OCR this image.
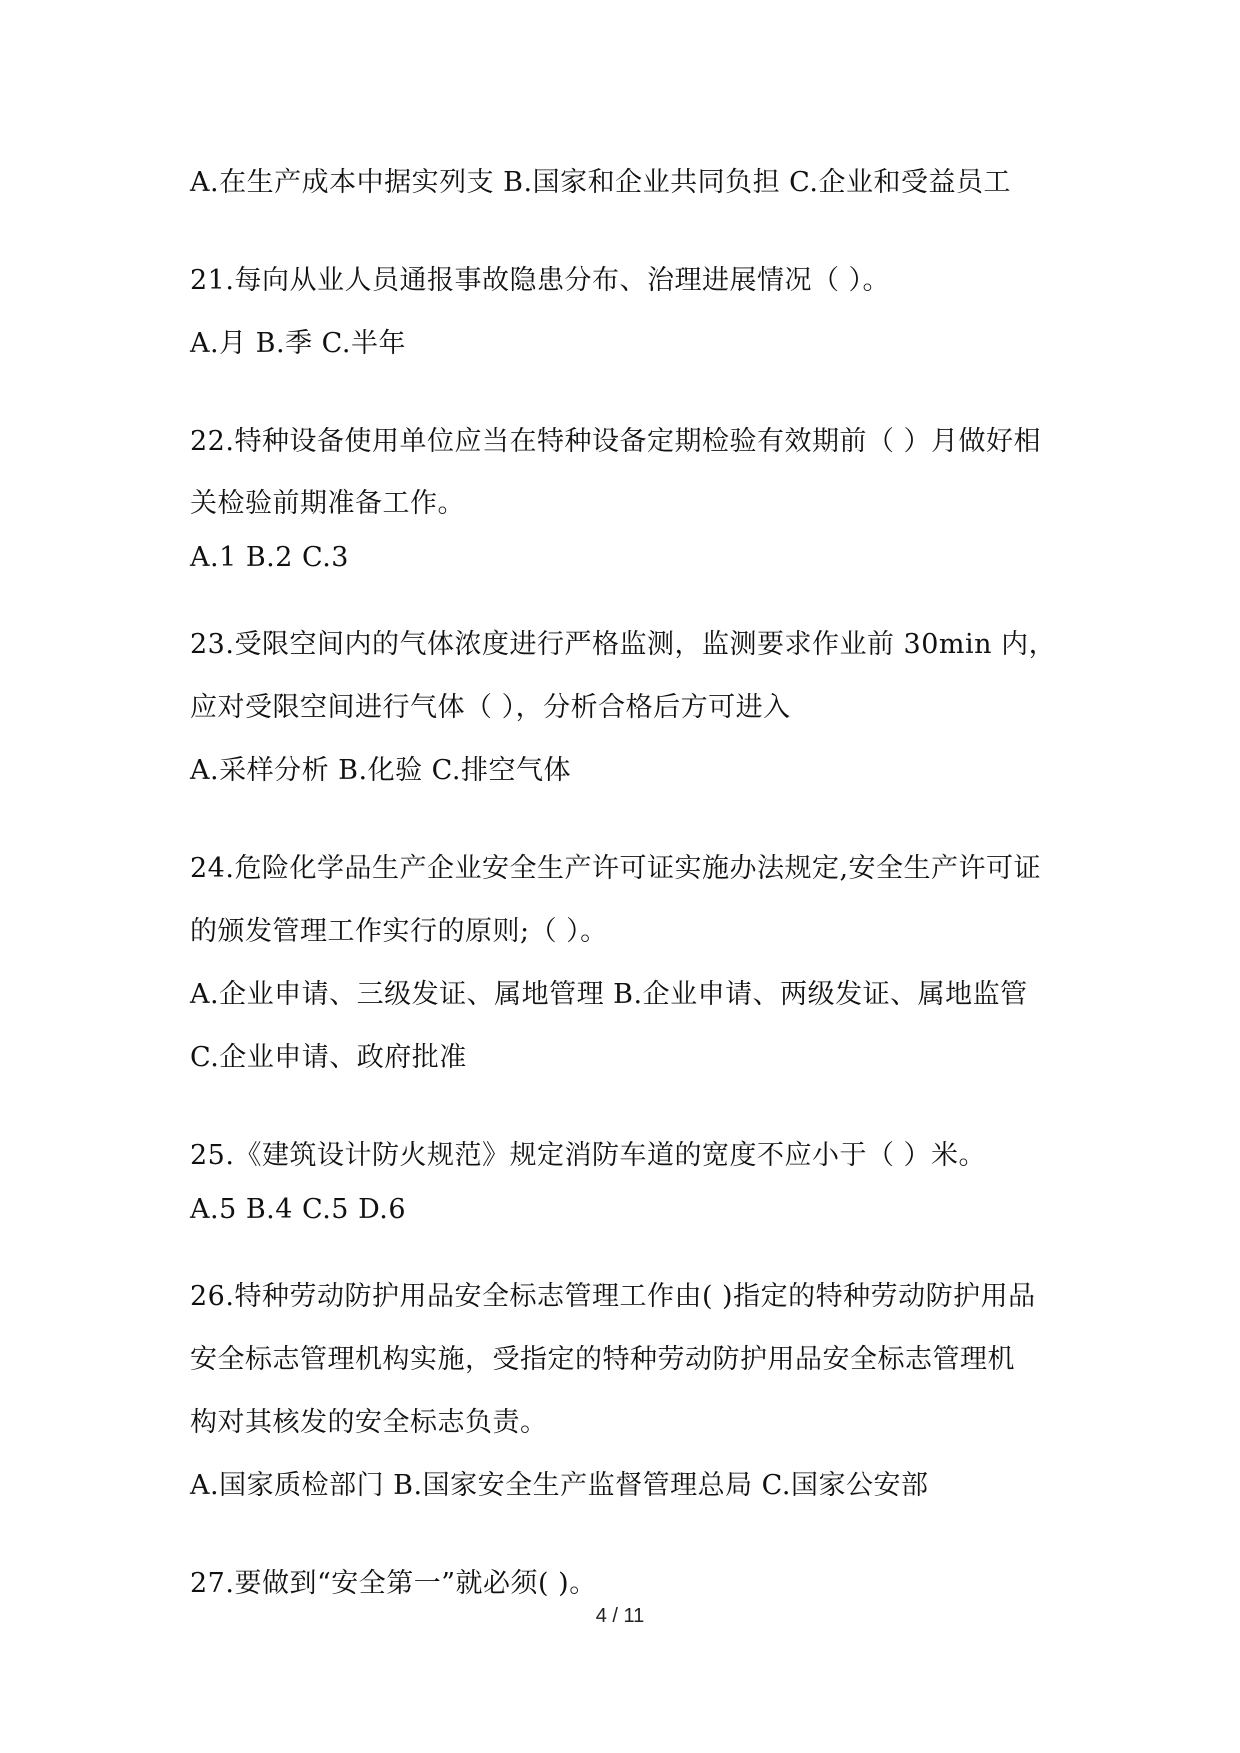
A.在生产成本中据实列支 B.国家和企业共同负担 C.企业和受益员工

21.每向从业人员通报事故隐患分布、治理进展情况（ ）。

A.月 B.季 C.半年

22.特种设备使用单位应当在特种设备定期检验有效期前（ ）月做好相

关检验前期准备工作。

A.1 B.2 C.3

23.受限空间内的气体浓度进行严格监测，监测要求作业前 30min 内，

应对受限空间进行气体（ ），分析合格后方可进入

A.采样分析 B.化验 C.排空气体

24.危险化学品生产企业安全生产许可证实施办法规定,安全生产许可证

的颁发管理工作实行的原则;（ ）。

A.企业申请、三级发证、属地管理 B.企业申请、两级发证、属地监管

C.企业申请、政府批准

25.《建筑设计防火规范》规定消防车道的宽度不应小于（ ）米。

A.5 B.4 C.5 D.6

26.特种劳动防护用品安全标志管理工作由( )指定的特种劳动防护用品

安全标志管理机构实施，受指定的特种劳动防护用品安全标志管理机

构对其核发的安全标志负责。

A.国家质检部门 B.国家安全生产监督管理总局 C.国家公安部

27.要做到“安全第一”就必须( )。

4 / 11
